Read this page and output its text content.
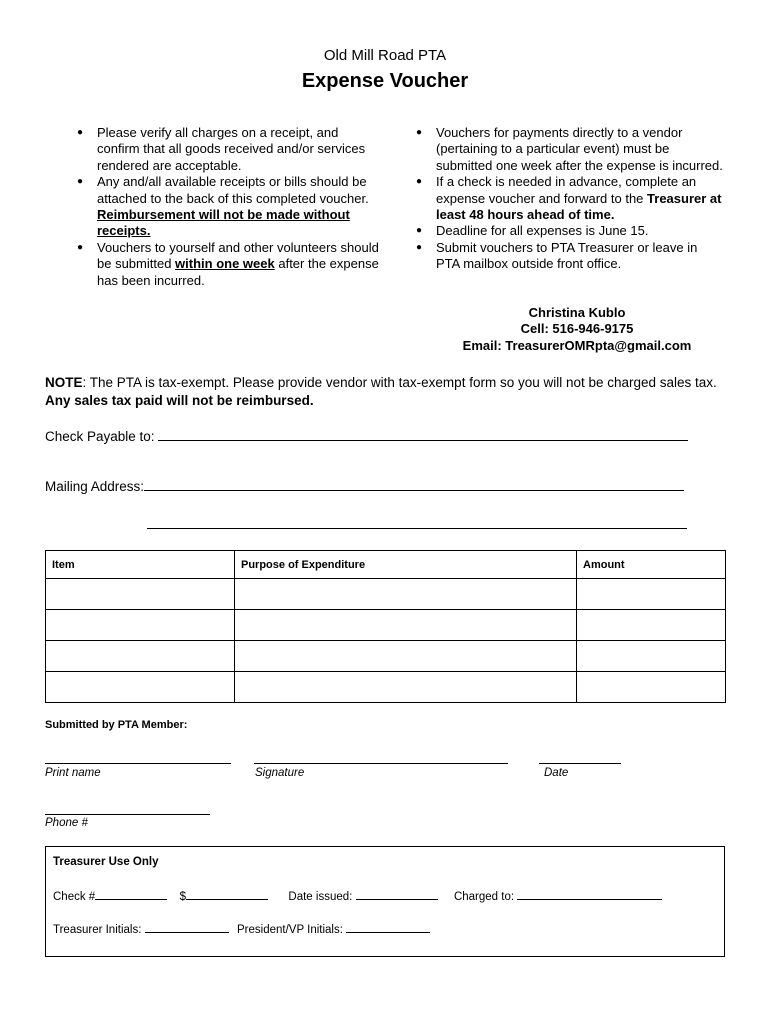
Old Mill Road PTA
Expense Voucher
● Please verify all charges on a receipt, and confirm that all goods received and/or services rendered are acceptable.
● Any and/all available receipts or bills should be attached to the back of this completed voucher. Reimbursement will not be made without receipts.
● Vouchers to yourself and other volunteers should be submitted within one week after the expense has been incurred.
● Vouchers for payments directly to a vendor (pertaining to a particular event) must be submitted one week after the expense is incurred.
● If a check is needed in advance, complete an expense voucher and forward to the Treasurer at least 48 hours ahead of time.
● Deadline for all expenses is June 15.
● Submit vouchers to PTA Treasurer or leave in PTA mailbox outside front office.
Christina Kublo
Cell: 516-946-9175
Email: TreasurerOMRpta@gmail.com
NOTE: The PTA is tax-exempt. Please provide vendor with tax-exempt form so you will not be charged sales tax. Any sales tax paid will not be reimbursed.
Check Payable to:
Mailing Address:
Item	Purpose of Expenditure	Amount

Submitted by PTA Member:
Print name	Signature	Date
Phone #
Treasurer Use Only
Check #	$	Date issued:	Charged to:
Treasurer Initials:	President/VP Initials:
